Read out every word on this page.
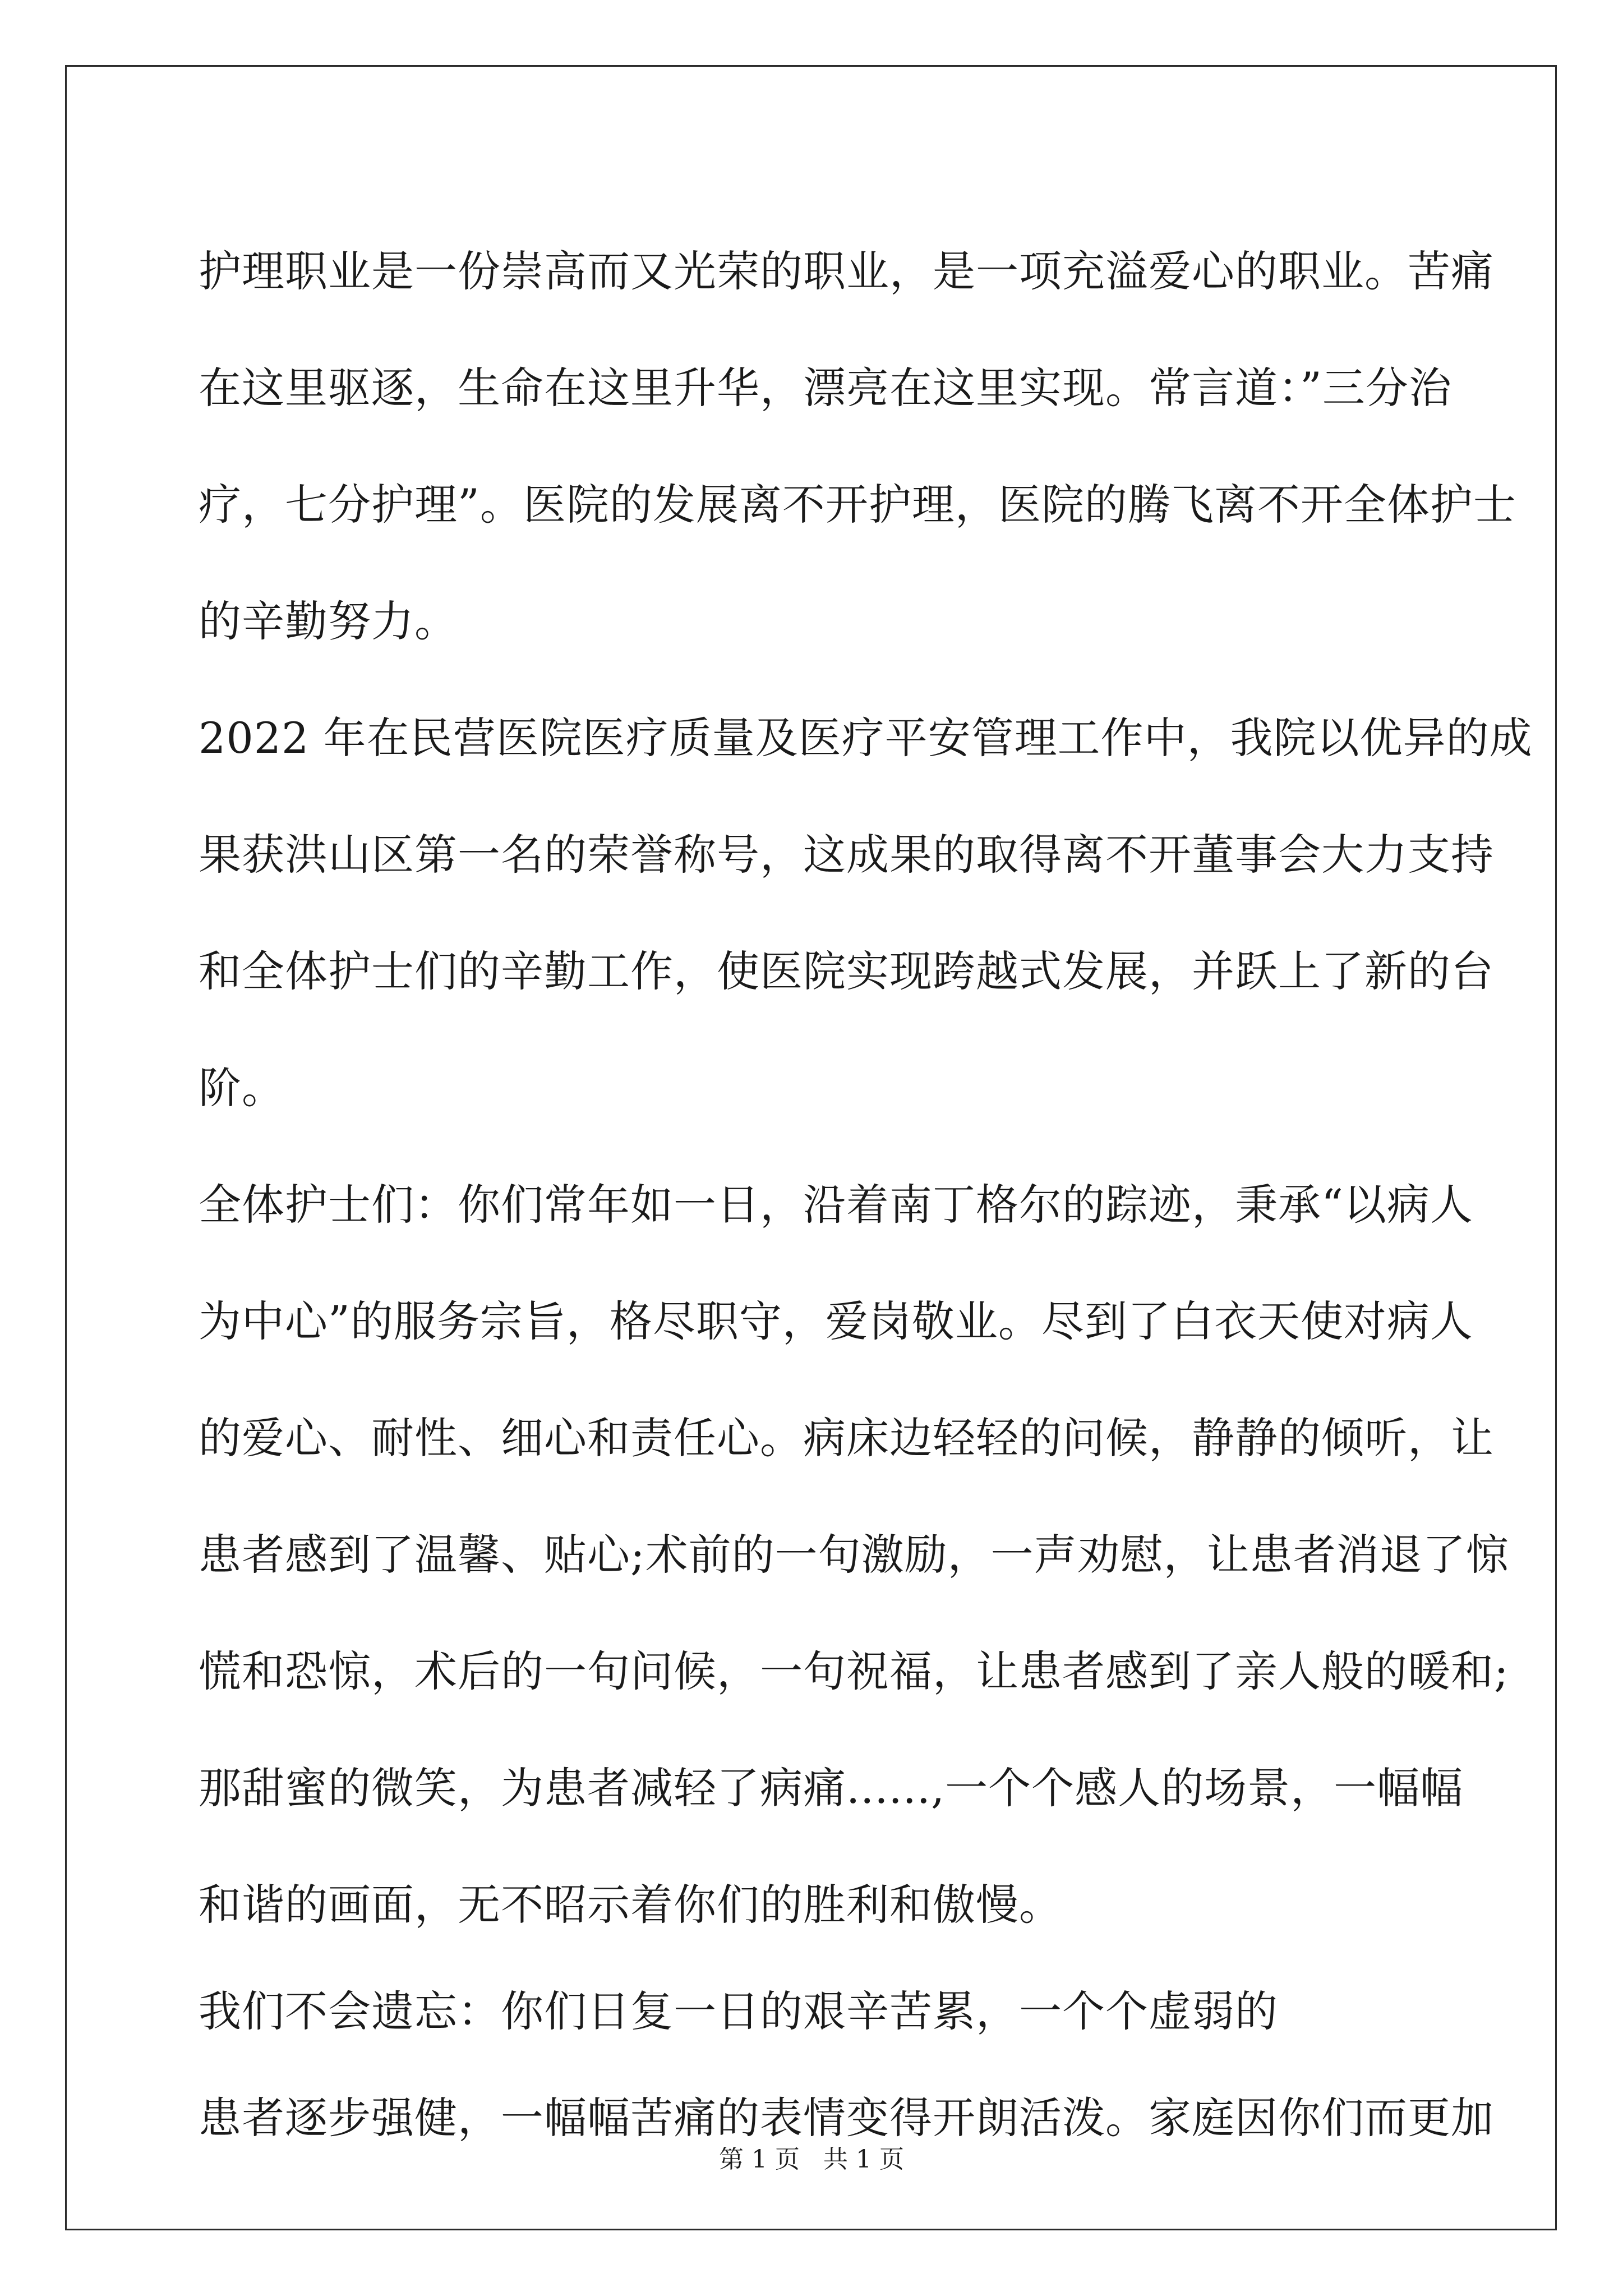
护理职业是一份崇高而又光荣的职业，是一项充溢爱心的职业。苦痛
在这里驱逐，生命在这里升华，漂亮在这里实现。常言道：”三分治
疗，七分护理”。医院的发展离不开护理，医院的腾飞离不开全体护士
的辛勤努力。
2022 年在民营医院医疗质量及医疗平安管理工作中，我院以优异的成
果获洪山区第一名的荣誉称号，这成果的取得离不开董事会大力支持
和全体护士们的辛勤工作，使医院实现跨越式发展，并跃上了新的台
阶。
全体护士们：你们常年如一日，沿着南丁格尔的踪迹，秉承“以病人
为中心”的服务宗旨，格尽职守，爱岗敬业。尽到了白衣天使对病人
的爱心、耐性、细心和责任心。病床边轻轻的问候，静静的倾听，让
患者感到了温馨、贴心;术前的一句激励，一声劝慰，让患者消退了惊
慌和恐惊，术后的一句问候，一句祝福，让患者感到了亲人般的暖和;
那甜蜜的微笑，为患者减轻了病痛......,一个个感人的场景，一幅幅
和谐的画面，无不昭示着你们的胜利和傲慢。
我们不会遗忘：你们日复一日的艰辛苦累，一个个虚弱的
患者逐步强健，一幅幅苦痛的表情变得开朗活泼。家庭因你们而更加
第 1 页   共 1 页
